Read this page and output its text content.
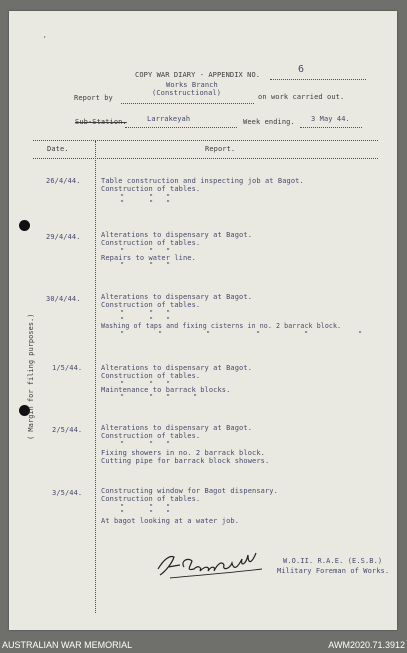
,
COPY WAR DIARY - APPENDIX NO.	6
Report by
Works Branch
(Constructional)	on work carried out.
Sub-Station.	Larrakeyah	Week ending. 3 May 44.
Date.	Report.
( Margin for filing purposes.)
26/4/44.	Table construction and inspecting job at Bagot.
Construction of tables.
"	" "
"	" "
29/4/44.	Alterations to dispensary at Bagot.
Construction of tables.
"	" "
Repairs to water line.
"	" "
30/4/44.	Alterations to dispensary at Bagot.
Construction of tables.
"	" "
"	" "
Washing of taps and fixing cisterns in no. 2 barrack block.
"	"	"	"	"	"
1/5/44.	Alterations to dispensary at Bagot.
Construction of tables.
"	" "
Maintenance to barrack blocks.
"	" "	"
2/5/44.	Alterations to dispensary at Bagot.
Construction of tables.
"	" "
Fixing showers in no. 2 barrack block.
Cutting pipe for barrack block showers.
3/5/44.	Constructing window for Bagot dispensary.
Construction of tables.
"	" "
"	" "
At bagot looking at a water job.
W.O.II. R.A.E. (E.S.B.)
Military Foreman of Works.
AUSTRALIAN WAR MEMORIAL	AWM2020.71.3912
